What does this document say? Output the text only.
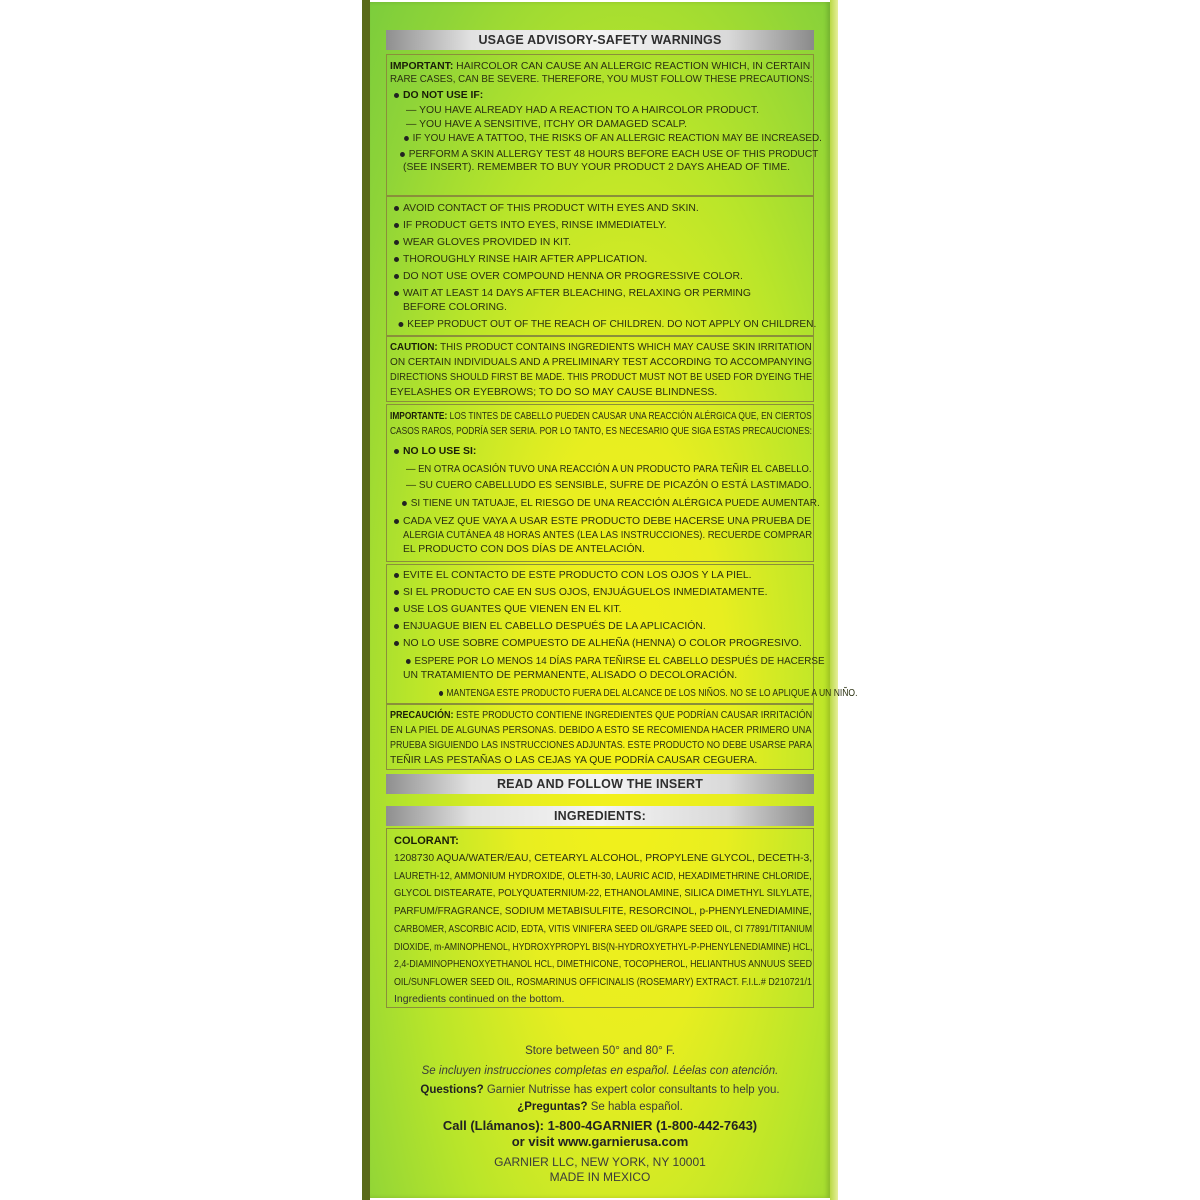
USAGE ADVISORY-SAFETY WARNINGS
IMPORTANT: HAIRCOLOR CAN CAUSE AN ALLERGIC REACTION WHICH, IN CERTAIN
RARE CASES, CAN BE SEVERE. THEREFORE, YOU MUST FOLLOW THESE PRECAUTIONS:
DO NOT USE IF:
— YOU HAVE ALREADY HAD A REACTION TO A HAIRCOLOR PRODUCT.
— YOU HAVE A SENSITIVE, ITCHY OR DAMAGED SCALP.
IF YOU HAVE A TATTOO, THE RISKS OF AN ALLERGIC REACTION MAY BE INCREASED.
PERFORM A SKIN ALLERGY TEST 48 HOURS BEFORE EACH USE OF THIS PRODUCT
(SEE INSERT). REMEMBER TO BUY YOUR PRODUCT 2 DAYS AHEAD OF TIME.
AVOID CONTACT OF THIS PRODUCT WITH EYES AND SKIN.
IF PRODUCT GETS INTO EYES, RINSE IMMEDIATELY.
WEAR GLOVES PROVIDED IN KIT.
THOROUGHLY RINSE HAIR AFTER APPLICATION.
DO NOT USE OVER COMPOUND HENNA OR PROGRESSIVE COLOR.
WAIT AT LEAST 14 DAYS AFTER BLEACHING, RELAXING OR PERMING
BEFORE COLORING.
KEEP PRODUCT OUT OF THE REACH OF CHILDREN. DO NOT APPLY ON CHILDREN.
CAUTION: THIS PRODUCT CONTAINS INGREDIENTS WHICH MAY CAUSE SKIN IRRITATION
ON CERTAIN INDIVIDUALS AND A PRELIMINARY TEST ACCORDING TO ACCOMPANYING
DIRECTIONS SHOULD FIRST BE MADE. THIS PRODUCT MUST NOT BE USED FOR DYEING THE
EYELASHES OR EYEBROWS; TO DO SO MAY CAUSE BLINDNESS.
IMPORTANTE: LOS TINTES DE CABELLO PUEDEN CAUSAR UNA REACCIÓN ALÉRGICA QUE, EN CIERTOS
CASOS RAROS, PODRÍA SER SERIA. POR LO TANTO, ES NECESARIO QUE SIGA ESTAS PRECAUCIONES:
NO LO USE SI:
— EN OTRA OCASIÓN TUVO UNA REACCIÓN A UN PRODUCTO PARA TEÑIR EL CABELLO.
— SU CUERO CABELLUDO ES SENSIBLE, SUFRE DE PICAZÓN O ESTÁ LASTIMADO.
SI TIENE UN TATUAJE, EL RIESGO DE UNA REACCIÓN ALÉRGICA PUEDE AUMENTAR.
CADA VEZ QUE VAYA A USAR ESTE PRODUCTO DEBE HACERSE UNA PRUEBA DE
ALERGIA CUTÁNEA 48 HORAS ANTES (LEA LAS INSTRUCCIONES). RECUERDE COMPRAR
EL PRODUCTO CON DOS DÍAS DE ANTELACIÓN.
EVITE EL CONTACTO DE ESTE PRODUCTO CON LOS OJOS Y LA PIEL.
SI EL PRODUCTO CAE EN SUS OJOS, ENJUÁGUELOS INMEDIATAMENTE.
USE LOS GUANTES QUE VIENEN EN EL KIT.
ENJUAGUE BIEN EL CABELLO DESPUÉS DE LA APLICACIÓN.
NO LO USE SOBRE COMPUESTO DE ALHEÑA (HENNA) O COLOR PROGRESIVO.
ESPERE POR LO MENOS 14 DÍAS PARA TEÑIRSE EL CABELLO DESPUÉS DE HACERSE
UN TRATAMIENTO DE PERMANENTE, ALISADO O DECOLORACIÓN.
MANTENGA ESTE PRODUCTO FUERA DEL ALCANCE DE LOS NIÑOS. NO SE LO APLIQUE A UN NIÑO.
PRECAUCIÓN: ESTE PRODUCTO CONTIENE INGREDIENTES QUE PODRÍAN CAUSAR IRRITACIÓN
EN LA PIEL DE ALGUNAS PERSONAS. DEBIDO A ESTO SE RECOMIENDA HACER PRIMERO UNA
PRUEBA SIGUIENDO LAS INSTRUCCIONES ADJUNTAS. ESTE PRODUCTO NO DEBE USARSE PARA
TEÑIR LAS PESTAÑAS O LAS CEJAS YA QUE PODRÍA CAUSAR CEGUERA.
READ AND FOLLOW THE INSERT
INGREDIENTS:
COLORANT:
1208730 AQUA/WATER/EAU, CETEARYL ALCOHOL, PROPYLENE GLYCOL, DECETH-3,
LAURETH-12, AMMONIUM HYDROXIDE, OLETH-30, LAURIC ACID, HEXADIMETHRINE CHLORIDE,
GLYCOL DISTEARATE, POLYQUATERNIUM-22, ETHANOLAMINE, SILICA DIMETHYL SILYLATE,
PARFUM/FRAGRANCE, SODIUM METABISULFITE, RESORCINOL, p-PHENYLENEDIAMINE,
CARBOMER, ASCORBIC ACID, EDTA, VITIS VINIFERA SEED OIL/GRAPE SEED OIL, CI 77891/TITANIUM
DIOXIDE, m-AMINOPHENOL, HYDROXYPROPYL BIS(N-HYDROXYETHYL-P-PHENYLENEDIAMINE) HCL,
2,4-DIAMINOPHENOXYETHANOL HCL, DIMETHICONE, TOCOPHEROL, HELIANTHUS ANNUUS SEED
OIL/SUNFLOWER SEED OIL, ROSMARINUS OFFICINALIS (ROSEMARY) EXTRACT. F.I.L.# D210721/1
Ingredients continued on the bottom.
Store between 50° and 80° F.
Se incluyen instrucciones completas en español. Léelas con atención.
Questions? Garnier Nutrisse has expert color consultants to help you.
¿Preguntas? Se habla español.
Call (Llámanos): 1-800-4GARNIER (1-800-442-7643)
or visit www.garnierusa.com
GARNIER LLC, NEW YORK, NY 10001
MADE IN MEXICO
